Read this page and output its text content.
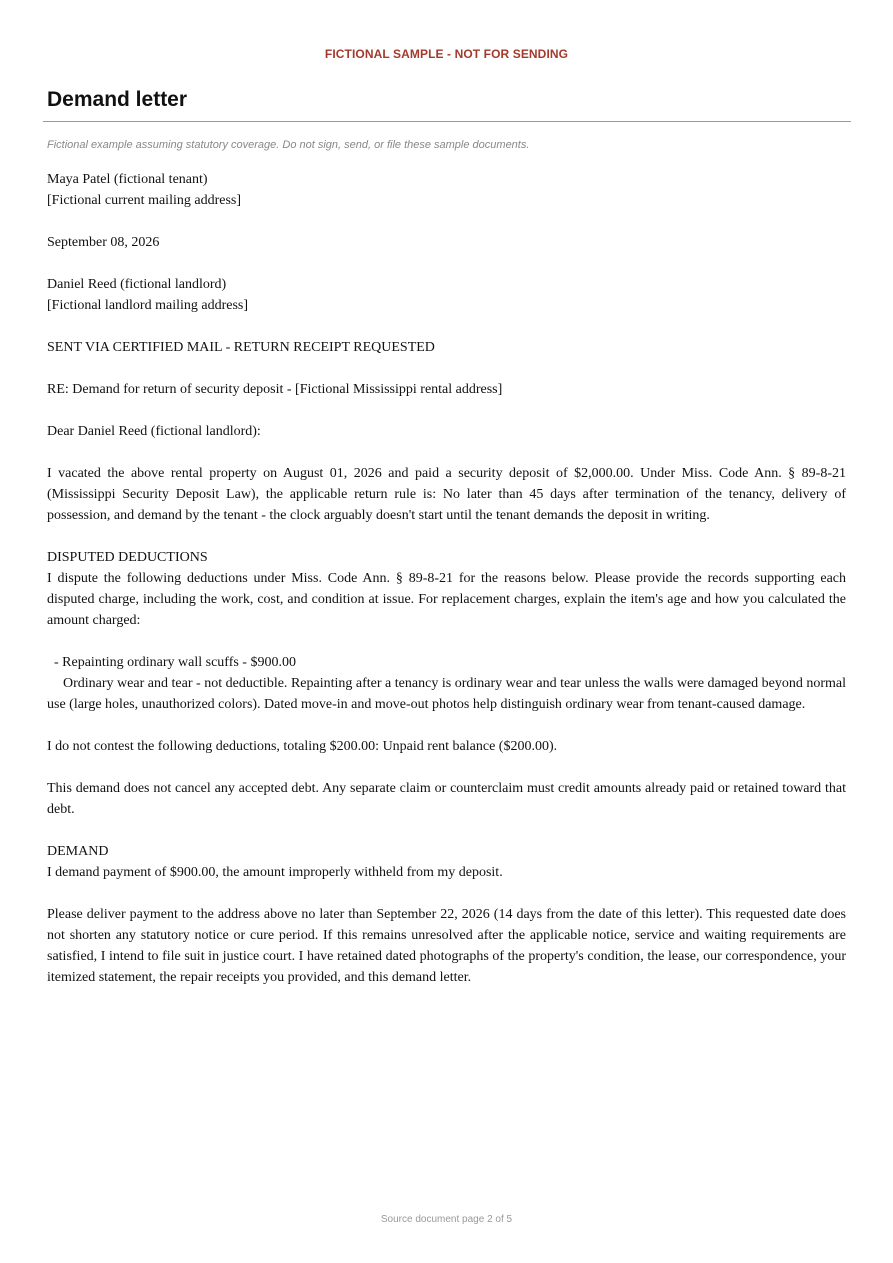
FICTIONAL SAMPLE - NOT FOR SENDING
Demand letter
Fictional example assuming statutory coverage. Do not sign, send, or file these sample documents.

Maya Patel (fictional tenant)
[Fictional current mailing address]

September 08, 2026

Daniel Reed (fictional landlord)
[Fictional landlord mailing address]

SENT VIA CERTIFIED MAIL - RETURN RECEIPT REQUESTED

RE: Demand for return of security deposit - [Fictional Mississippi rental address]

Dear Daniel Reed (fictional landlord):

I vacated the above rental property on August 01, 2026 and paid a security deposit of $2,000.00. Under Miss. Code Ann. § 89-8-21 (Mississippi Security Deposit Law), the applicable return rule is: No later than 45 days after termination of the tenancy, delivery of possession, and demand by the tenant - the clock arguably doesn't start until the tenant demands the deposit in writing.

DISPUTED DEDUCTIONS
I dispute the following deductions under Miss. Code Ann. § 89-8-21 for the reasons below. Please provide the records supporting each disputed charge, including the work, cost, and condition at issue. For replacement charges, explain the item's age and how you calculated the amount charged:

- Repainting ordinary wall scuffs - $900.00
Ordinary wear and tear - not deductible. Repainting after a tenancy is ordinary wear and tear unless the walls were damaged beyond normal use (large holes, unauthorized colors). Dated move-in and move-out photos help distinguish ordinary wear from tenant-caused damage.

I do not contest the following deductions, totaling $200.00: Unpaid rent balance ($200.00).

This demand does not cancel any accepted debt. Any separate claim or counterclaim must credit amounts already paid or retained toward that debt.

DEMAND
I demand payment of $900.00, the amount improperly withheld from my deposit.

Please deliver payment to the address above no later than September 22, 2026 (14 days from the date of this letter). This requested date does not shorten any statutory notice or cure period. If this remains unresolved after the applicable notice, service and waiting requirements are satisfied, I intend to file suit in justice court. I have retained dated photographs of the property's condition, the lease, our correspondence, your itemized statement, the repair receipts you provided, and this demand letter.

Source document page 2 of 5
